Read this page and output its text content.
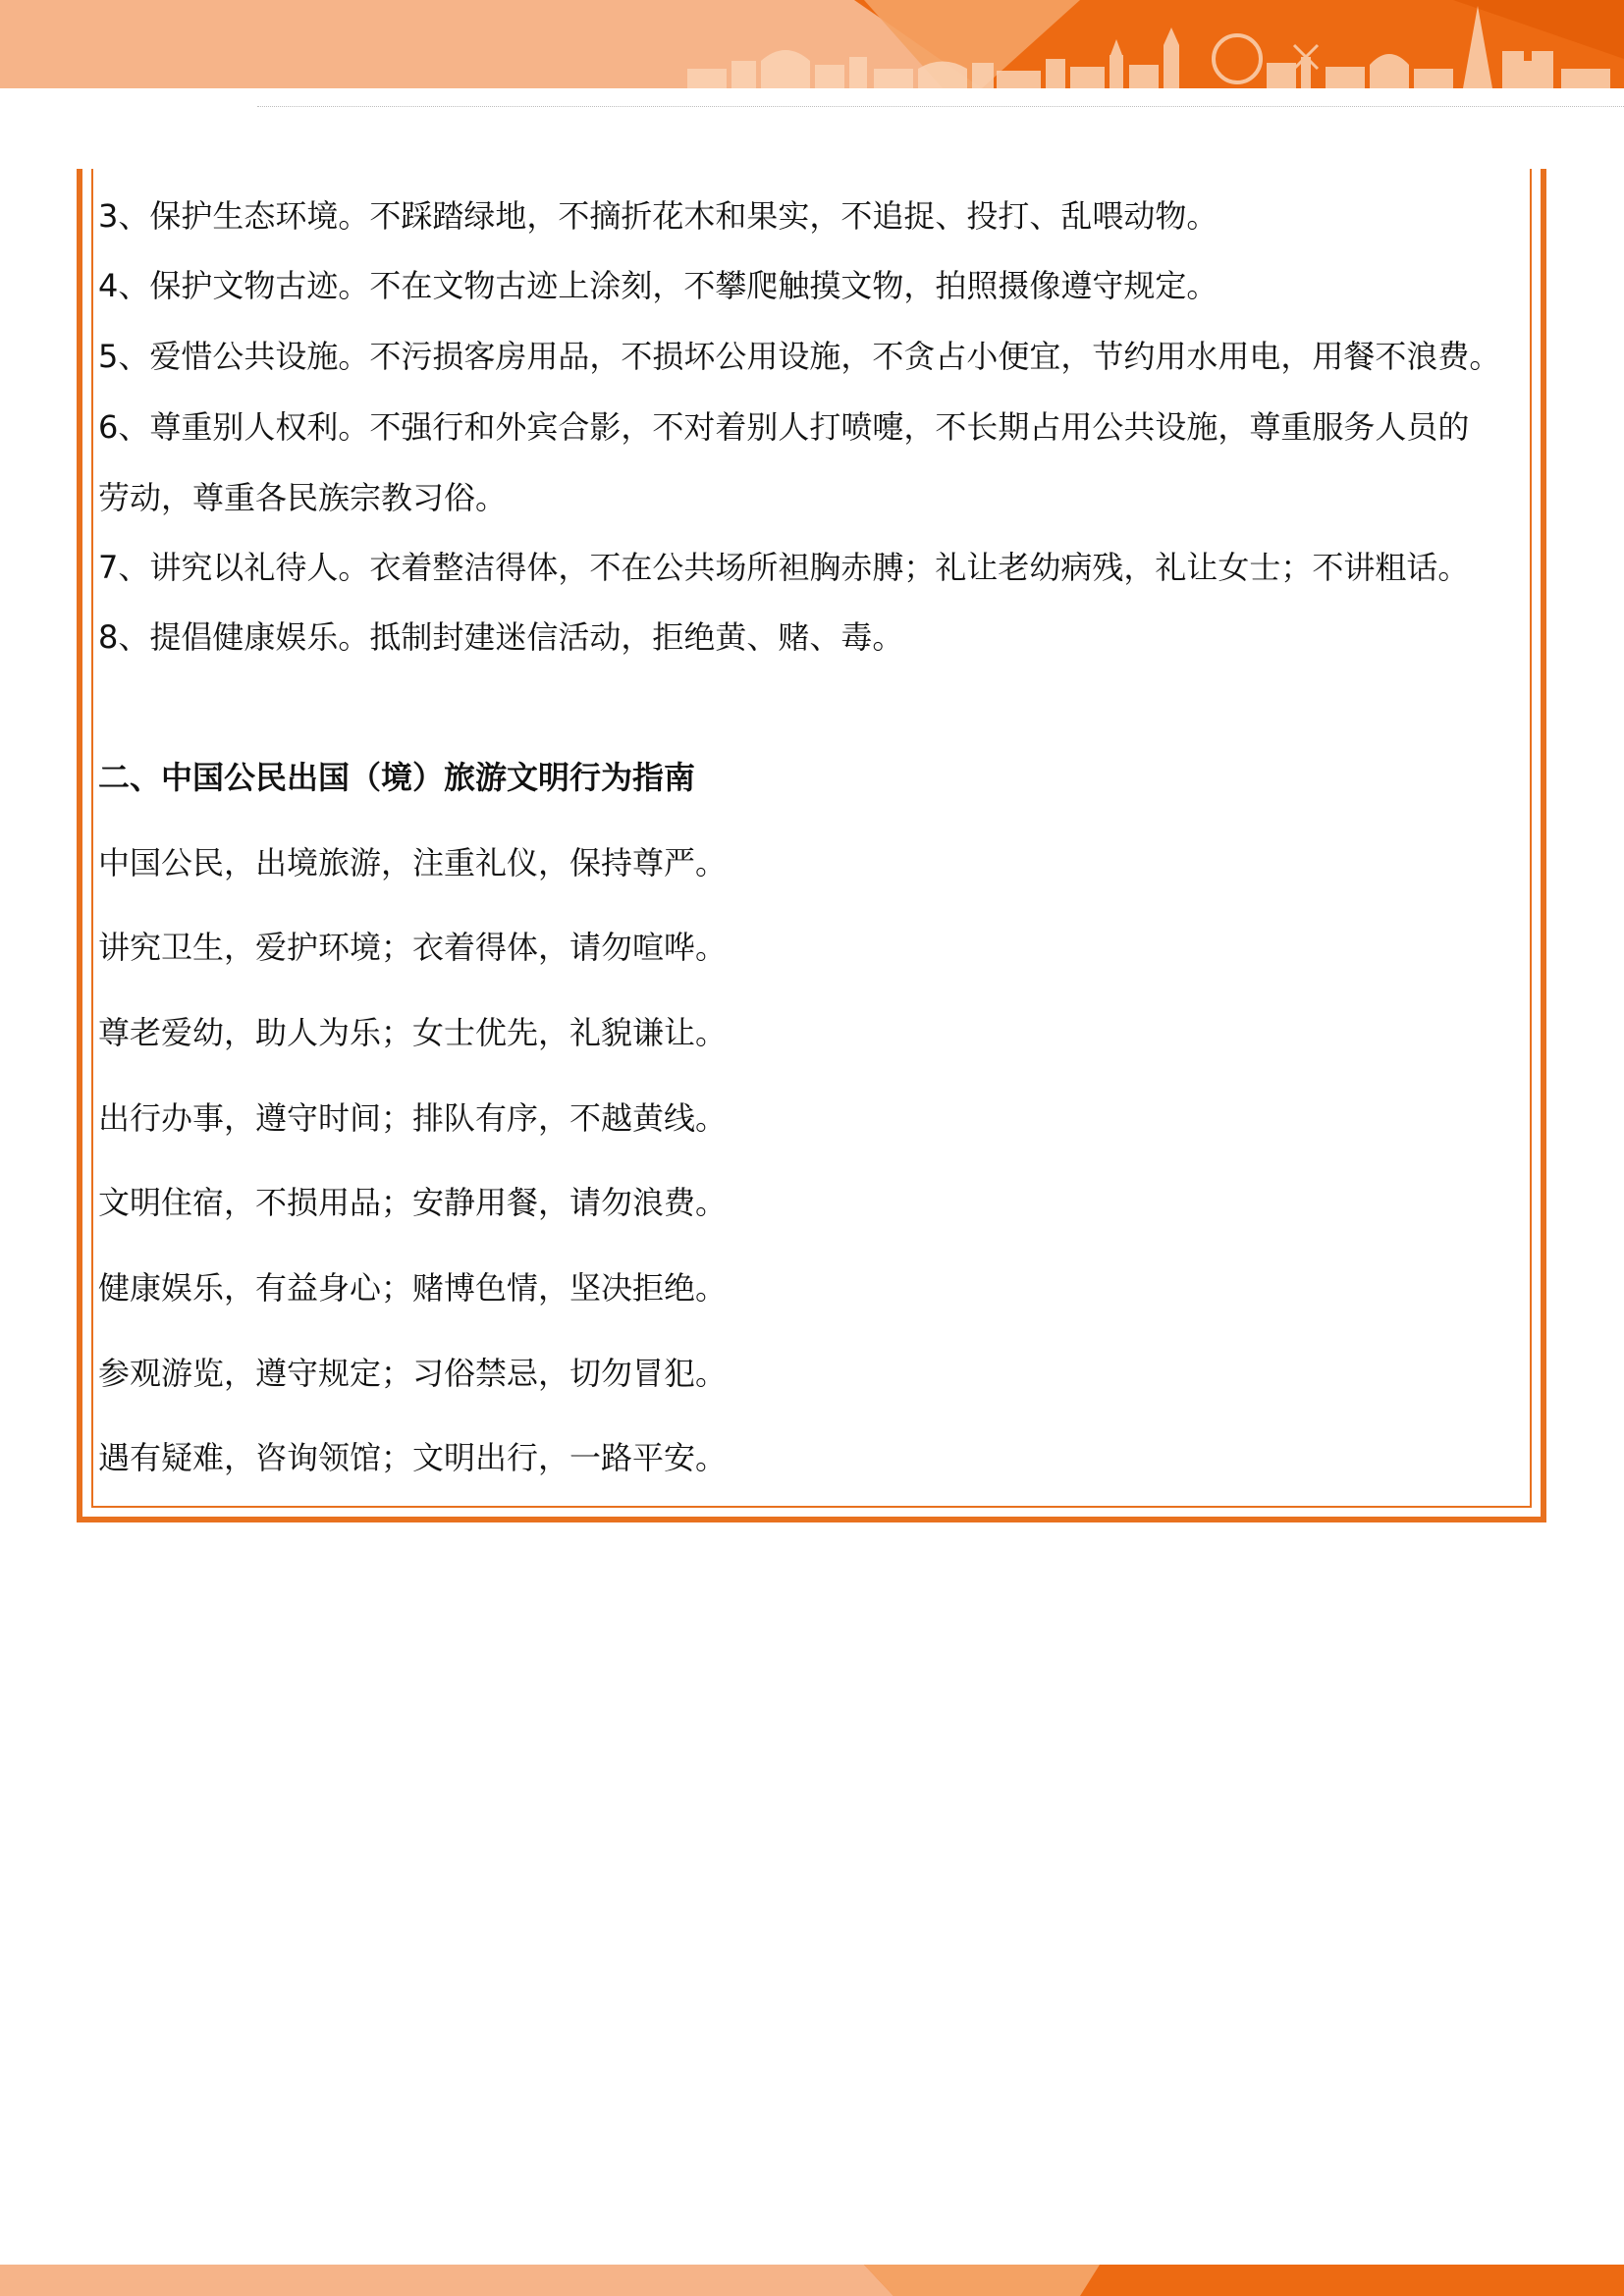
3、保护生态环境。不踩踏绿地，不摘折花木和果实，不追捉、投打、乱喂动物。
4、保护文物古迹。不在文物古迹上涂刻，不攀爬触摸文物，拍照摄像遵守规定。
5、爱惜公共设施。不污损客房用品，不损坏公用设施，不贪占小便宜，节约用水用电，用餐不浪费。
6、尊重别人权利。不强行和外宾合影，不对着别人打喷嚏，不长期占用公共设施，尊重服务人员的
劳动，尊重各民族宗教习俗。
7、讲究以礼待人。衣着整洁得体，不在公共场所袒胸赤膊；礼让老幼病残，礼让女士；不讲粗话。
8、提倡健康娱乐。抵制封建迷信活动，拒绝黄、赌、毒。
二、中国公民出国（境）旅游文明行为指南
中国公民，出境旅游，注重礼仪，保持尊严。
讲究卫生，爱护环境；衣着得体，请勿喧哗。
尊老爱幼，助人为乐；女士优先，礼貌谦让。
出行办事，遵守时间；排队有序，不越黄线。
文明住宿，不损用品；安静用餐，请勿浪费。
健康娱乐，有益身心；赌博色情，坚决拒绝。
参观游览，遵守规定；习俗禁忌，切勿冒犯。
遇有疑难，咨询领馆；文明出行，一路平安。
